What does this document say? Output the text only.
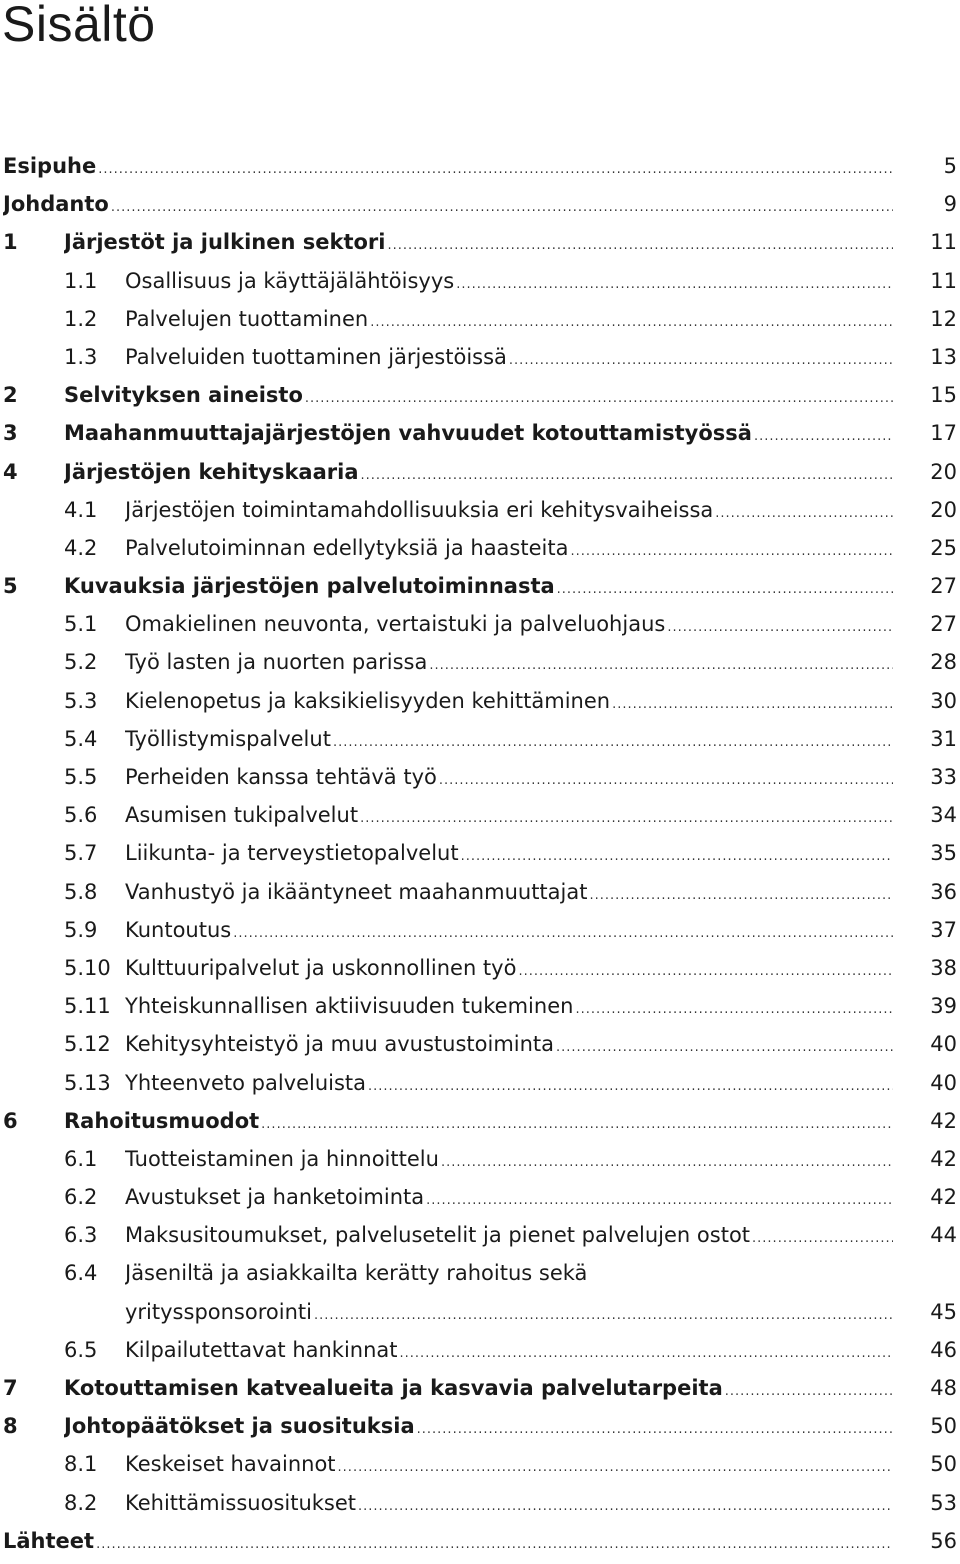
Sisältö
Esipuhe .....	5
Johdanto .....	9
1 Järjestöt ja julkinen sektori .....	11
1.1 Osallisuus ja käyttäjälähtöisyys .....	11
1.2 Palvelujen tuottaminen .....	12
1.3 Palveluiden tuottaminen järjestöissä .....	13
2 Selvityksen aineisto .....	15
3 Maahanmuuttajajärjestöjen vahvuudet kotouttamistyössä .....	17
4 Järjestöjen kehityskaaria .....	20
4.1 Järjestöjen toimintamahdollisuuksia eri kehitysvaiheissa .....	20
4.2 Palvelutoiminnan edellytyksiä ja haasteita .....	25
5 Kuvauksia järjestöjen palvelutoiminnasta .....	27
5.1 Omakielinen neuvonta, vertaistuki ja palveluohjaus .....	27
5.2 Työ lasten ja nuorten parissa .....	28
5.3 Kielenopetus ja kaksikielisyyden kehittäminen .....	30
5.4 Työllistymispalvelut .....	31
5.5 Perheiden kanssa tehtävä työ .....	33
5.6 Asumisen tukipalvelut .....	34
5.7 Liikunta- ja terveystietopalvelut .....	35
5.8 Vanhustyö ja ikääntyneet maahanmuuttajat .....	36
5.9 Kuntoutus .....	37
5.10 Kulttuuripalvelut ja uskonnollinen työ .....	38
5.11 Yhteiskunnallisen aktiivisuuden tukeminen .....	39
5.12 Kehitysyhteistyö ja muu avustustoiminta .....	40
5.13 Yhteenveto palveluista .....	40
6 Rahoitusmuodot .....	42
6.1 Tuotteistaminen ja hinnoittelu .....	42
6.2 Avustukset ja hanketoiminta .....	42
6.3 Maksusitoumukset, palvelusetelit ja pienet palvelujen ostot .....	44
6.4 Jäseniltä ja asiakkailta kerätty rahoitus sekä
yrityssponsorointi .....	45
6.5 Kilpailutettavat hankinnat .....	46
7 Kotouttamisen katvealueita ja kasvavia palvelutarpeita .....	48
8 Johtopäätökset ja suosituksia .....	50
8.1 Keskeiset havainnot .....	50
8.2 Kehittämissuositukset .....	53
Lähteet .....	56
